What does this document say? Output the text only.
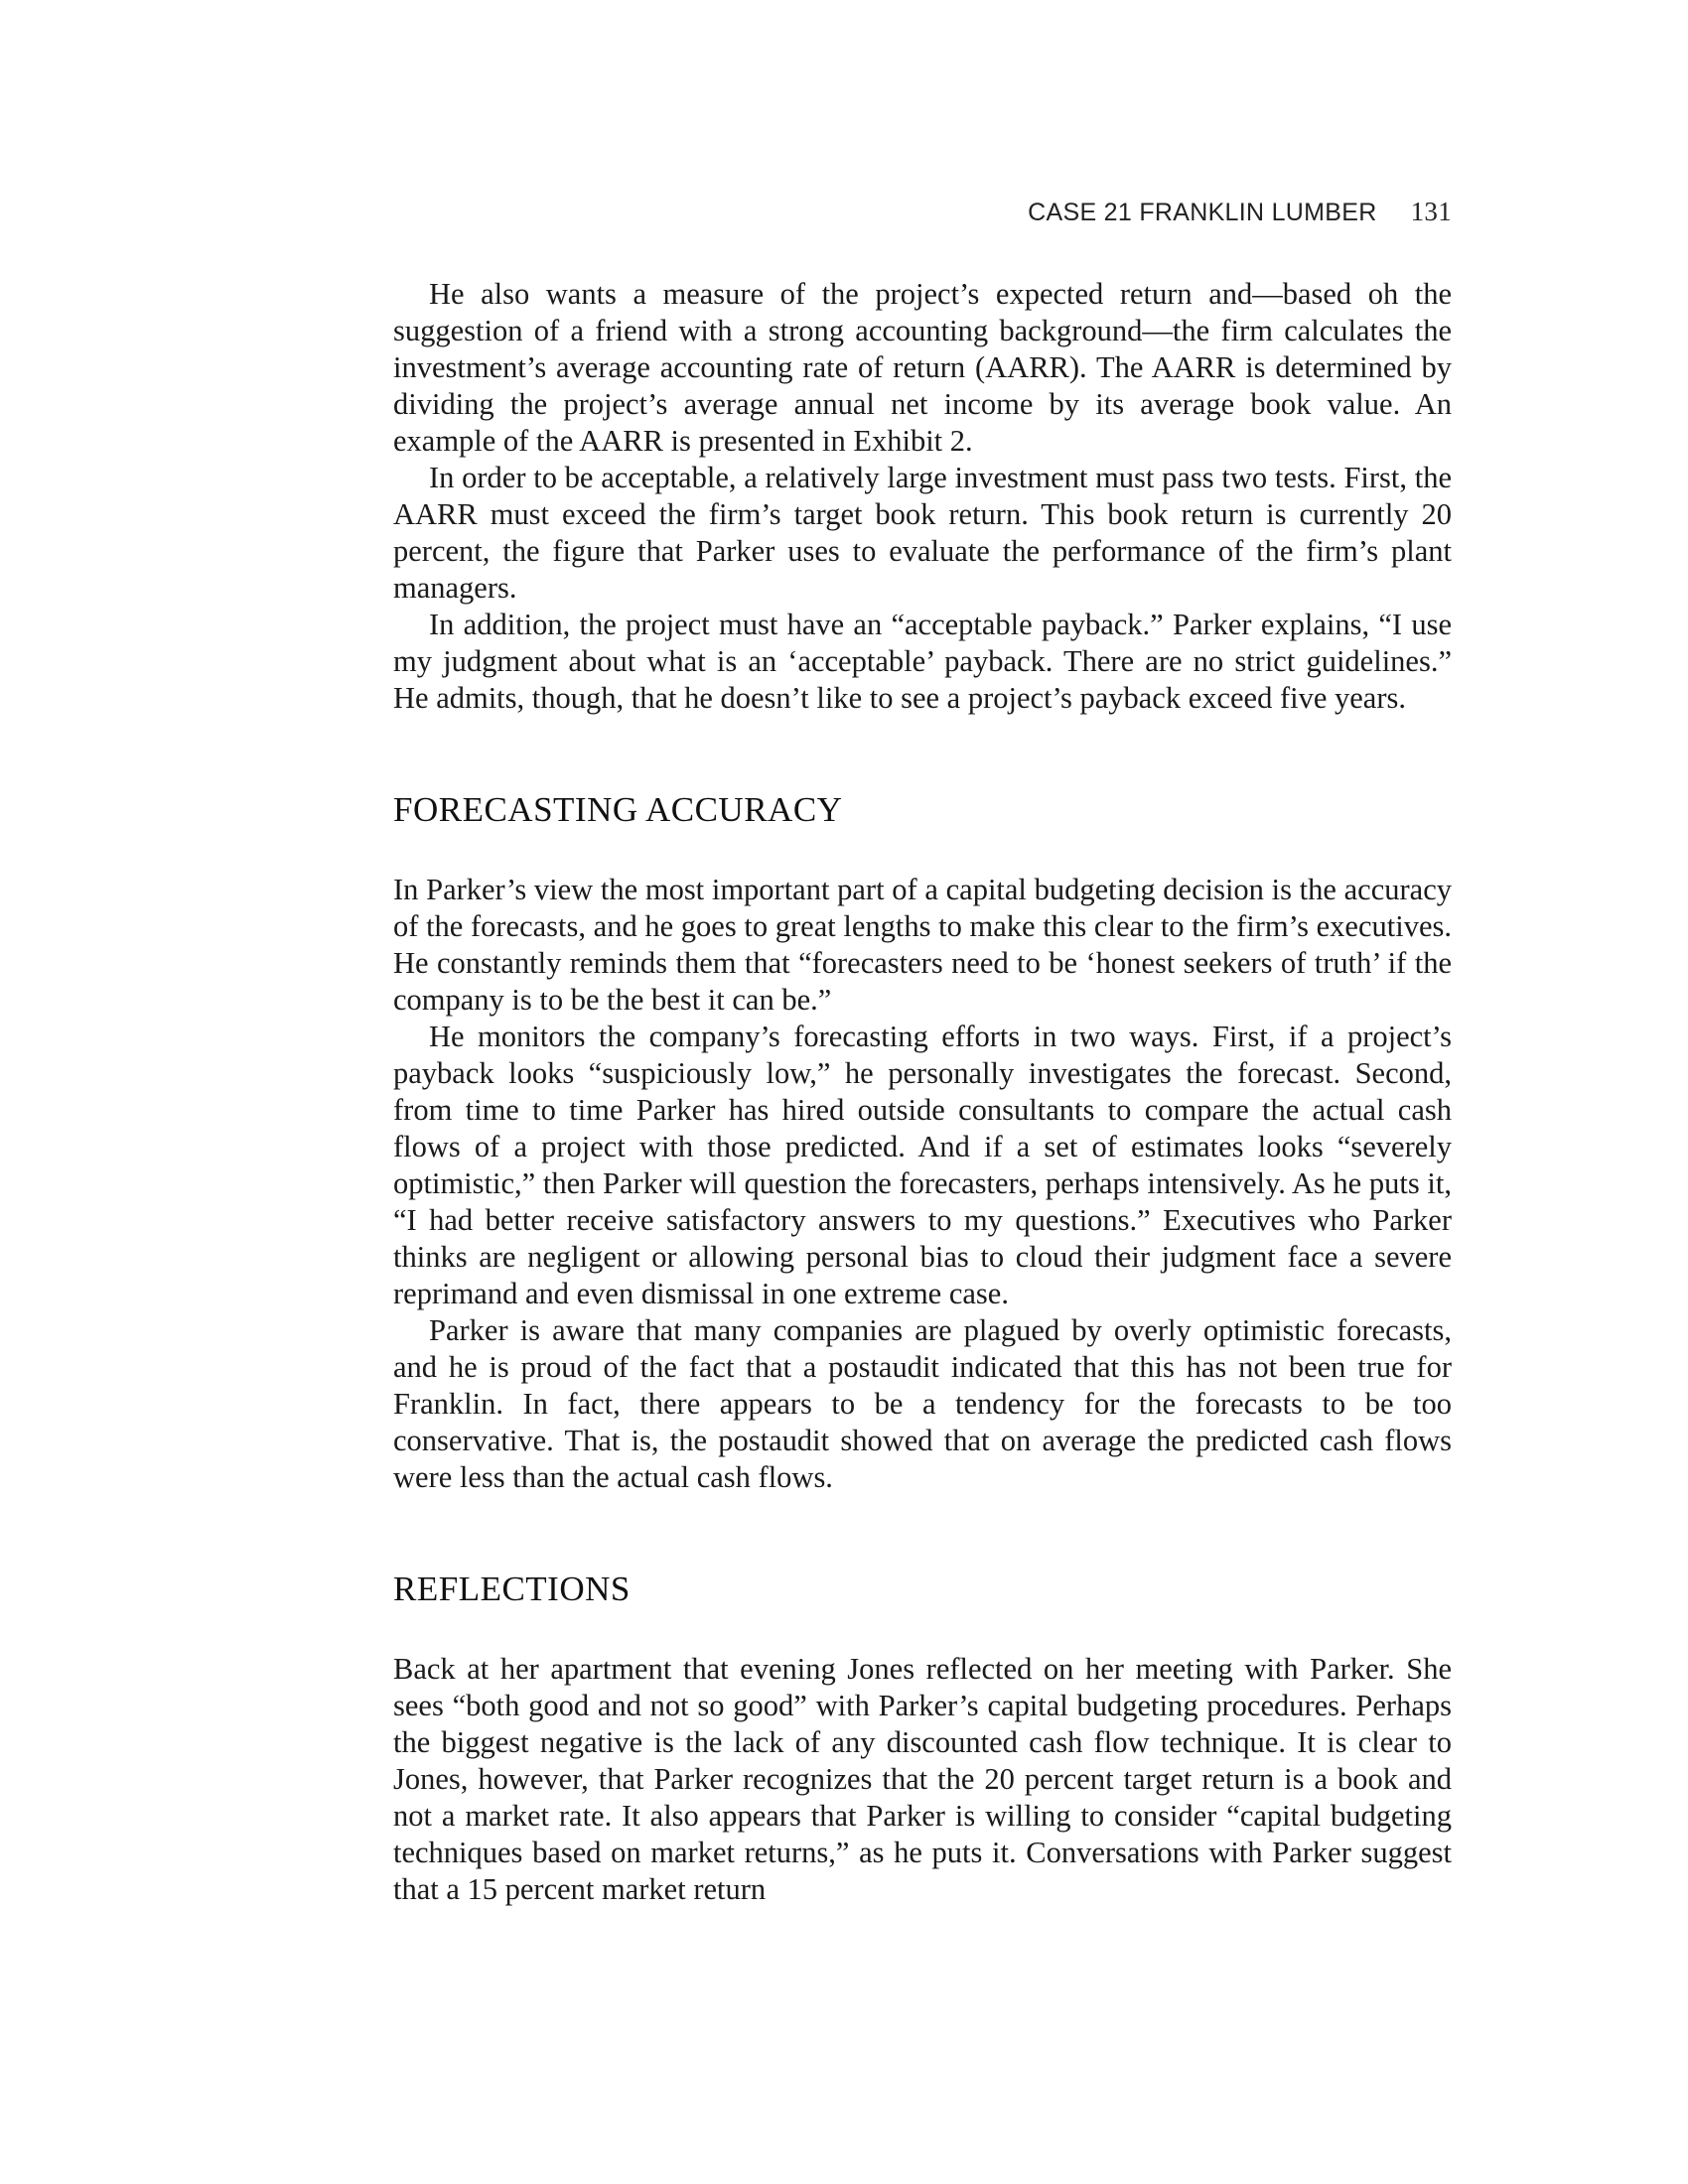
CASE 21 FRANKLIN LUMBER 131

He also wants a measure of the project’s expected return and—based oh the suggestion of a friend with a strong accounting background—the firm calculates the investment’s average accounting rate of return (AARR). The AARR is determined by dividing the project’s average annual net income by its average book value. An example of the AARR is presented in Exhibit 2.

In order to be acceptable, a relatively large investment must pass two tests. First, the AARR must exceed the firm’s target book return. This book return is currently 20 percent, the figure that Parker uses to evaluate the performance of the firm’s plant managers.

In addition, the project must have an “acceptable payback.” Parker explains, “I use my judgment about what is an ‘acceptable’ payback. There are no strict guidelines.” He admits, though, that he doesn’t like to see a project’s payback exceed five years.

FORECASTING ACCURACY

In Parker’s view the most important part of a capital budgeting decision is the accuracy of the forecasts, and he goes to great lengths to make this clear to the firm’s executives. He constantly reminds them that “forecasters need to be ‘honest seekers of truth’ if the company is to be the best it can be.”

He monitors the company’s forecasting efforts in two ways. First, if a project’s payback looks “suspiciously low,” he personally investigates the forecast. Second, from time to time Parker has hired outside consultants to compare the actual cash flows of a project with those predicted. And if a set of estimates looks “severely optimistic,” then Parker will question the forecasters, perhaps intensively. As he puts it, “I had better receive satisfactory answers to my questions.” Executives who Parker thinks are negligent or allowing personal bias to cloud their judgment face a severe reprimand and even dismissal in one extreme case.

Parker is aware that many companies are plagued by overly optimistic forecasts, and he is proud of the fact that a postaudit indicated that this has not been true for Franklin. In fact, there appears to be a tendency for the forecasts to be too conservative. That is, the postaudit showed that on average the predicted cash flows were less than the actual cash flows.

REFLECTIONS

Back at her apartment that evening Jones reflected on her meeting with Parker. She sees “both good and not so good” with Parker’s capital budgeting procedures. Perhaps the biggest negative is the lack of any discounted cash flow technique. It is clear to Jones, however, that Parker recognizes that the 20 percent target return is a book and not a market rate. It also appears that Parker is willing to consider “capital budgeting techniques based on market returns,” as he puts it. Conversations with Parker suggest that a 15 percent market return
